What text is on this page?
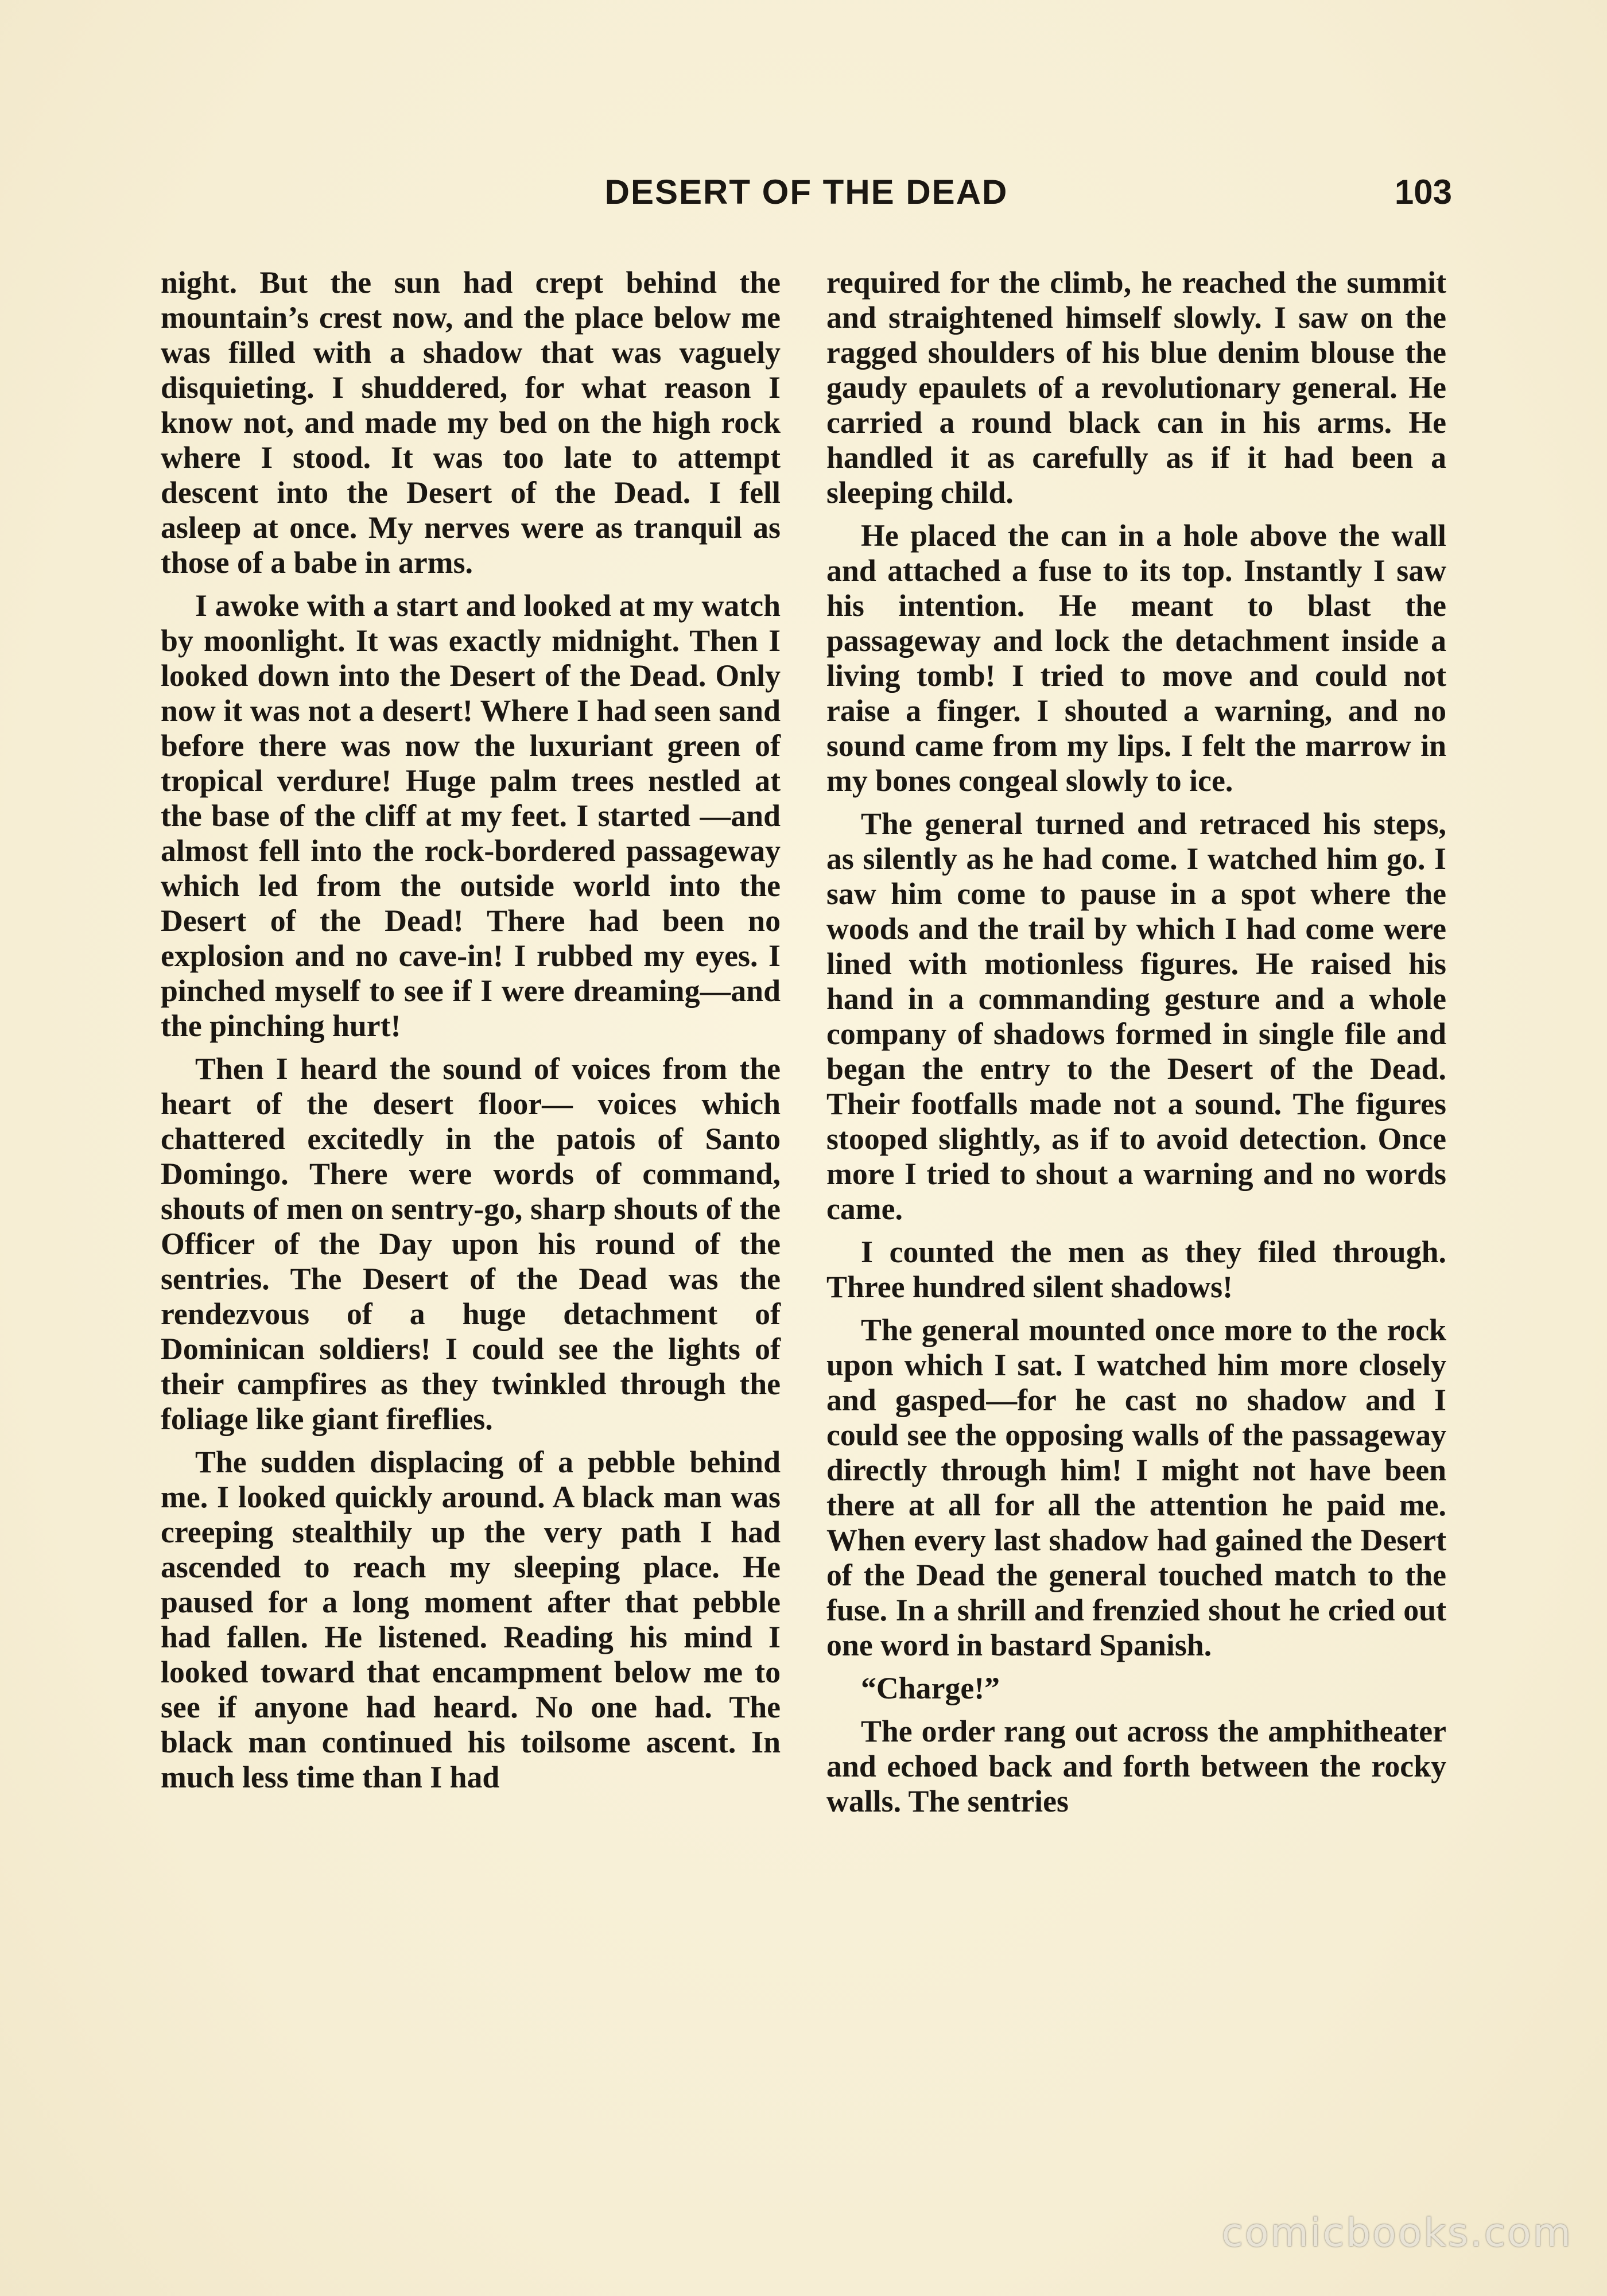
DESERT OF THE DEAD	103

night. But the sun had crept behind the mountain’s crest now, and the place below me was filled with a shadow that was vaguely disquieting. I shuddered, for what reason I know not, and made my bed on the high rock where I stood. It was too late to attempt descent into the Desert of the Dead. I fell asleep at once. My nerves were as tranquil as those of a babe in arms.

I awoke with a start and looked at my watch by moonlight. It was exactly midnight. Then I looked down into the Desert of the Dead. Only now it was not a desert! Where I had seen sand before there was now the luxuriant green of tropical verdure! Huge palm trees nestled at the base of the cliff at my feet. I started —and almost fell into the rock-bordered passageway which led from the outside world into the Desert of the Dead! There had been no explosion and no cave-in! I rubbed my eyes. I pinched myself to see if I were dreaming—and the pinching hurt!

Then I heard the sound of voices from the heart of the desert floor— voices which chattered excitedly in the patois of Santo Domingo. There were words of command, shouts of men on sentry-go, sharp shouts of the Officer of the Day upon his round of the sentries. The Desert of the Dead was the rendezvous of a huge detachment of Dominican soldiers! I could see the lights of their campfires as they twinkled through the foliage like giant fireflies.

The sudden displacing of a pebble behind me. I looked quickly around. A black man was creeping stealthily up the very path I had ascended to reach my sleeping place. He paused for a long moment after that pebble had fallen. He listened. Reading his mind I looked toward that encampment below me to see if anyone had heard. No one had. The black man continued his toilsome ascent. In much less time than I had

required for the climb, he reached the summit and straightened himself slowly. I saw on the ragged shoulders of his blue denim blouse the gaudy epaulets of a revolutionary general. He carried a round black can in his arms. He handled it as carefully as if it had been a sleeping child.

He placed the can in a hole above the wall and attached a fuse to its top. Instantly I saw his intention. He meant to blast the passageway and lock the detachment inside a living tomb! I tried to move and could not raise a finger. I shouted a warning, and no sound came from my lips. I felt the marrow in my bones congeal slowly to ice.

The general turned and retraced his steps, as silently as he had come. I watched him go. I saw him come to pause in a spot where the woods and the trail by which I had come were lined with motionless figures. He raised his hand in a commanding gesture and a whole company of shadows formed in single file and began the entry to the Desert of the Dead. Their footfalls made not a sound. The figures stooped slightly, as if to avoid detection. Once more I tried to shout a warning and no words came.

I counted the men as they filed through. Three hundred silent shadows!

The general mounted once more to the rock upon which I sat. I watched him more closely and gasped—for he cast no shadow and I could see the opposing walls of the passageway directly through him! I might not have been there at all for all the attention he paid me. When every last shadow had gained the Desert of the Dead the general touched match to the fuse. In a shrill and frenzied shout he cried out one word in bastard Spanish.

“Charge!”

The order rang out across the amphitheater and echoed back and forth between the rocky walls. The sentries

comicbooks.com
